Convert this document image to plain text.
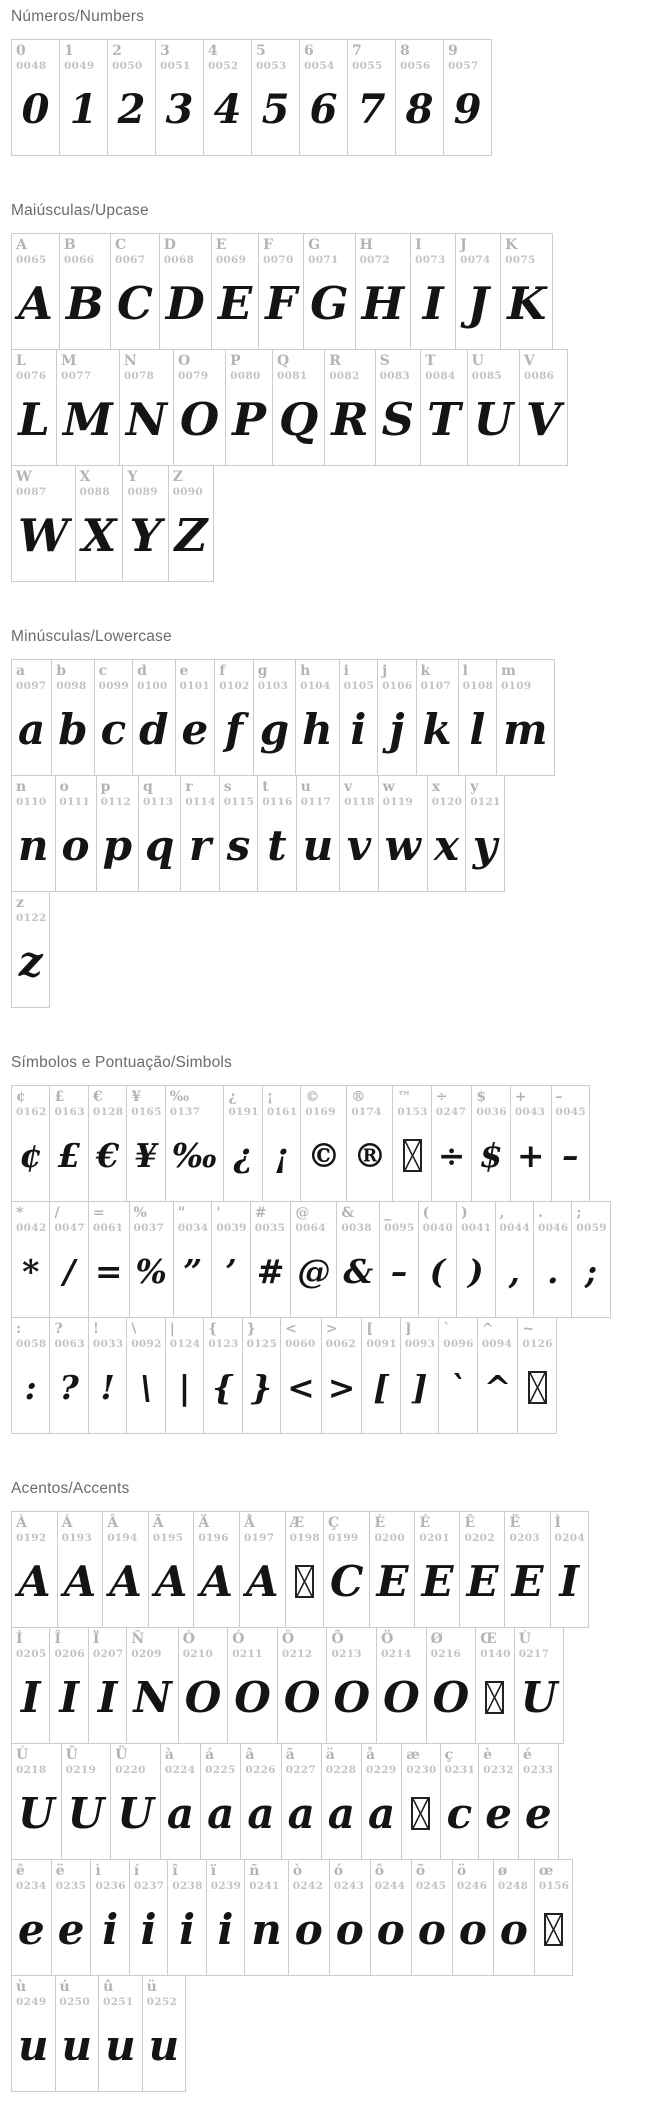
Números/Numbers
0
0048
0
1
0049
1
2
0050
2
3
0051
3
4
0052
4
5
0053
5
6
0054
6
7
0055
7
8
0056
8
9
0057
9
Maiúsculas/Upcase
A
0065
A
B
0066
B
C
0067
C
D
0068
D
E
0069
E
F
0070
F
G
0071
G
H
0072
H
I
0073
I
J
0074
J
K
0075
K
L
0076
L
M
0077
M
N
0078
N
O
0079
O
P
0080
P
Q
0081
Q
R
0082
R
S
0083
S
T
0084
T
U
0085
U
V
0086
V
W
0087
W
X
0088
X
Y
0089
Y
Z
0090
Z
Minúsculas/Lowercase
a
0097
a
b
0098
b
c
0099
c
d
0100
d
e
0101
e
f
0102
f
g
0103
g
h
0104
h
i
0105
i
j
0106
j
k
0107
k
l
0108
l
m
0109
m
n
0110
n
o
0111
o
p
0112
p
q
0113
q
r
0114
r
s
0115
s
t
0116
t
u
0117
u
v
0118
v
w
0119
w
x
0120
x
y
0121
y
z
0122
z
Símbolos e Pontuação/Simbols
¢
0162
¢
£
0163
£
€
0128
€
¥
0165
¥
‰
0137
‰
¿
0191
¿
¡
0161
¡
©
0169
©
®
0174
®
™
0153
÷
0247
÷
$
0036
$
+
0043
+
–
0045
–
*
0042
*
/
0047
/
=
0061
=
%
0037
%
"
0034
”
'
0039
’
#
0035
#
@
0064
@
&
0038
&
_
0095
–
(
0040
(
)
0041
)
,
0044
,
.
0046
.
;
0059
;
:
0058
:
?
0063
?
!
0033
!
\
0092
\
|
0124
|
{
0123
{
}
0125
}
<
0060
<
>
0062
>
[
0091
[
]
0093
]
`
0096
`
^
0094
^
~
0126
Acentos/Accents
À
0192
A
Á
0193
A
Â
0194
A
Ã
0195
A
Ä
0196
A
Å
0197
A
Æ
0198
Ç
0199
C
È
0200
E
É
0201
E
Ê
0202
E
Ë
0203
E
Ì
0204
I
Í
0205
I
Î
0206
I
Ï
0207
I
Ñ
0209
N
Ò
0210
O
Ó
0211
O
Ô
0212
O
Õ
0213
O
Ö
0214
O
Ø
0216
O
Œ
0140
Ù
0217
U
Ú
0218
U
Û
0219
U
Ü
0220
U
à
0224
a
á
0225
a
â
0226
a
ã
0227
a
ä
0228
a
å
0229
a
æ
0230
ç
0231
c
è
0232
e
é
0233
e
ê
0234
e
ë
0235
e
ì
0236
i
í
0237
i
î
0238
i
ï
0239
i
ñ
0241
n
ò
0242
o
ó
0243
o
ô
0244
o
õ
0245
o
ö
0246
o
ø
0248
o
œ
0156
ù
0249
u
ú
0250
u
û
0251
u
ü
0252
u
